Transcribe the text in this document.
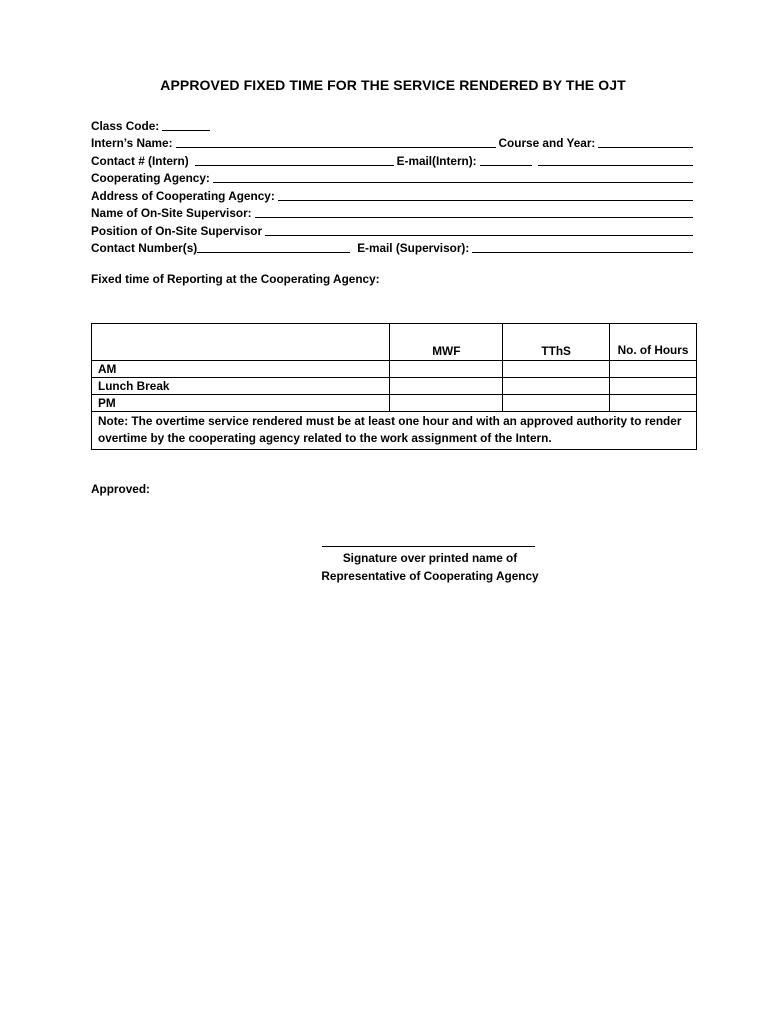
APPROVED FIXED TIME FOR THE SERVICE RENDERED BY THE OJT
Class Code:
Intern’s Name:	Course and Year:
Contact # (Intern)	E-mail(Intern):
Cooperating Agency:
Address of Cooperating Agency:
Name of On-Site Supervisor:
Position of On-Site Supervisor
Contact Number(s)	E-mail (Supervisor):
Fixed time of Reporting at the Cooperating Agency:
	MWF	TThS	No. of Hours
AM			
Lunch Break			
PM			
Note: The overtime service rendered must be at least one hour and with an approved authority to render overtime by the cooperating agency related to the work assignment of the Intern.			
Approved:
Signature over printed name of
Representative of Cooperating Agency
